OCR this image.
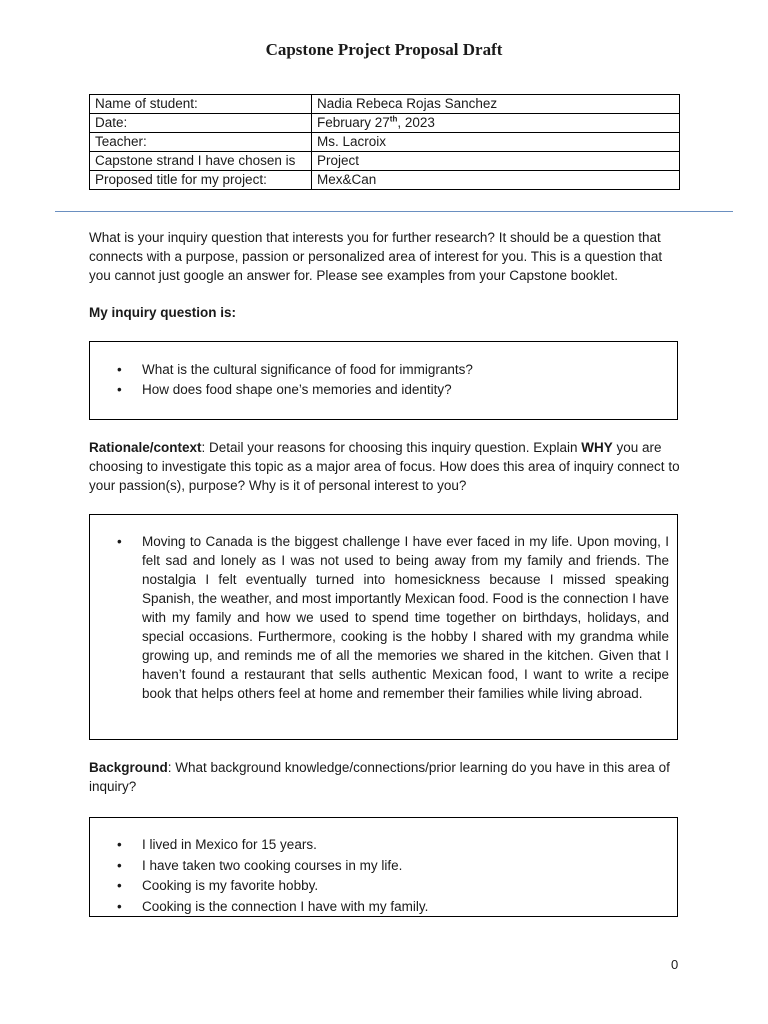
Capstone Project Proposal Draft
Name of student:	Nadia Rebeca Rojas Sanchez
Date:	February 27th, 2023
Teacher:	Ms. Lacroix
Capstone strand I have chosen is	Project
Proposed title for my project:	Mex&Can

What is your inquiry question that interests you for further research? It should be a question that connects with a purpose, passion or personalized area of interest for you. This is a question that you cannot just google an answer for. Please see examples from your Capstone booklet.

My inquiry question is:

• What is the cultural significance of food for immigrants?
• How does food shape one’s memories and identity?

Rationale/context: Detail your reasons for choosing this inquiry question. Explain WHY you are choosing to investigate this topic as a major area of focus. How does this area of inquiry connect to your passion(s), purpose? Why is it of personal interest to you?

• Moving to Canada is the biggest challenge I have ever faced in my life. Upon moving, I felt sad and lonely as I was not used to being away from my family and friends. The nostalgia I felt eventually turned into homesickness because I missed speaking Spanish, the weather, and most importantly Mexican food. Food is the connection I have with my family and how we used to spend time together on birthdays, holidays, and special occasions. Furthermore, cooking is the hobby I shared with my grandma while growing up, and reminds me of all the memories we shared in the kitchen. Given that I haven’t found a restaurant that sells authentic Mexican food, I want to write a recipe book that helps others feel at home and remember their families while living abroad.

Background: What background knowledge/connections/prior learning do you have in this area of inquiry?

• I lived in Mexico for 15 years.
• I have taken two cooking courses in my life.
• Cooking is my favorite hobby.
• Cooking is the connection I have with my family.
0
